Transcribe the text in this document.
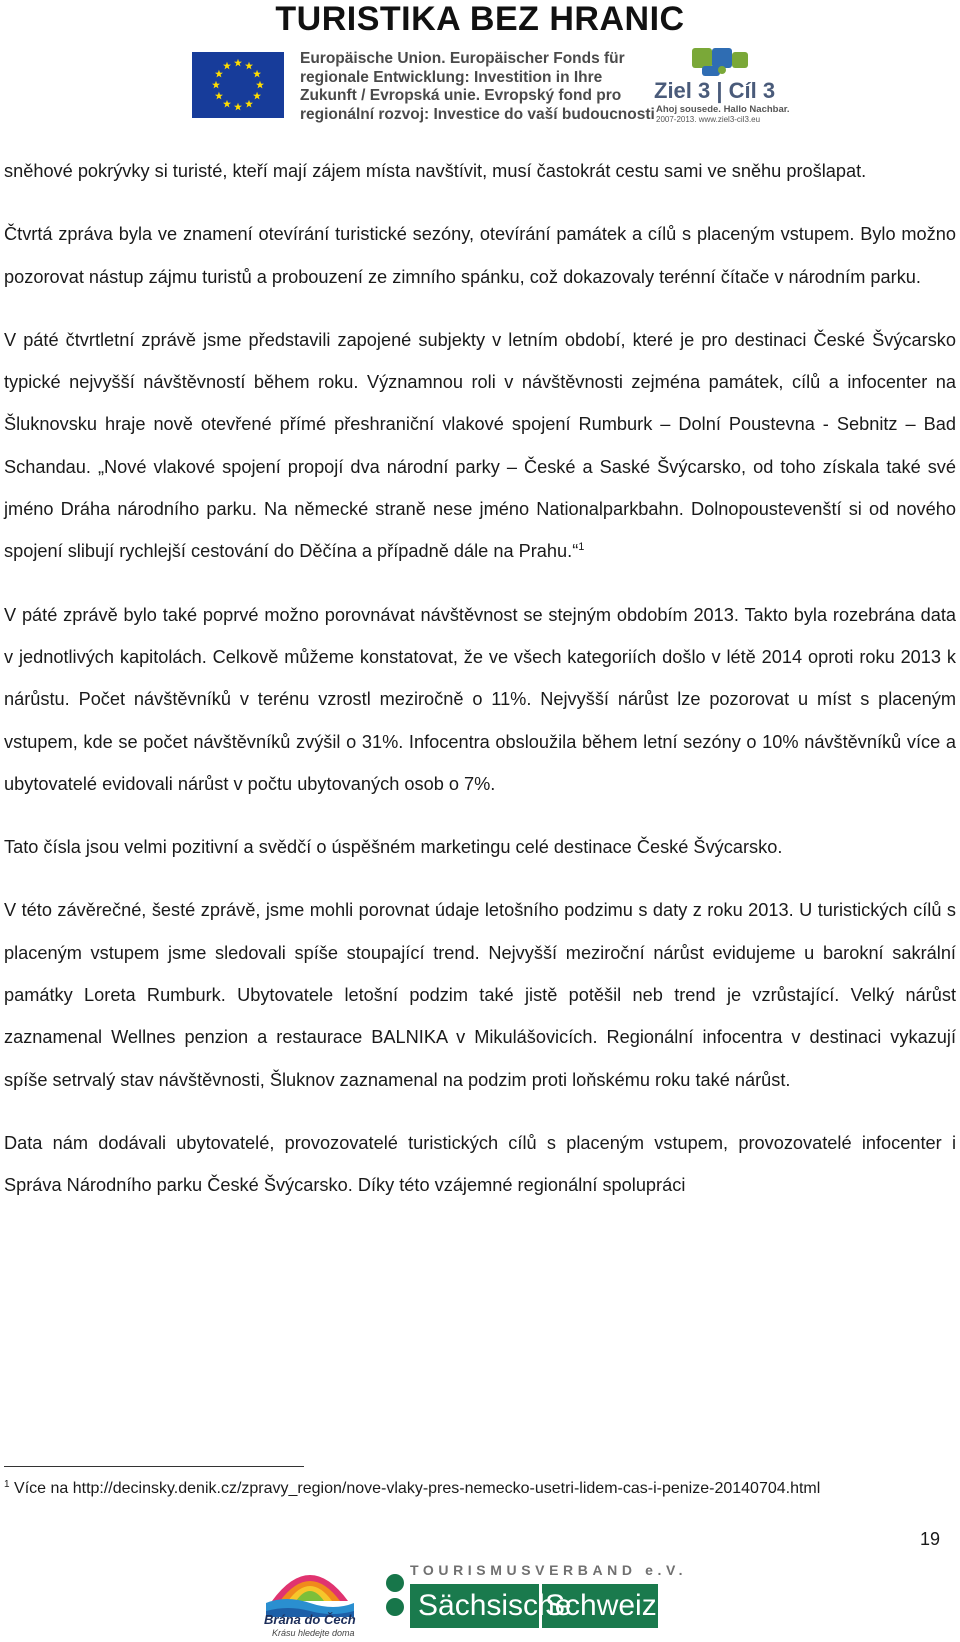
TURISTIKA BEZ HRANIC
Europäische Union. Europäischer Fonds für
regionale Entwicklung: Investition in Ihre
Zukunft / Evropská unie. Evropský fond pro
regionální rozvoj: Investice do vaší budoucnosti
Ziel 3 | Cíl 3
Ahoj sousede. Hallo Nachbar.
2007-2013. www.ziel3-cil3.eu

sněhové pokrývky si turisté, kteří mají zájem místa navštívit, musí častokrát cestu sami ve sněhu prošlapat.

Čtvrtá zpráva byla ve znamení otevírání turistické sezóny, otevírání památek a cílů s placeným vstupem. Bylo možno pozorovat nástup zájmu turistů a probouzení ze zimního spánku, což dokazovaly terénní čítače v národním parku.

V páté čtvrtletní zprávě jsme představili zapojené subjekty v letním období, které je pro destinaci České Švýcarsko typické nejvyšší návštěvností během roku. Významnou roli v návštěvnosti zejména památek, cílů a infocenter na Šluknovsku hraje nově otevřené přímé přeshraniční vlakové spojení Rumburk – Dolní Poustevna - Sebnitz – Bad Schandau. „Nové vlakové spojení propojí dva národní parky – České a Saské Švýcarsko, od toho získala také své jméno Dráha národního parku. Na německé straně nese jméno Nationalparkbahn. Dolnopoustevenští si od nového spojení slibují rychlejší cestování do Děčína a případně dále na Prahu.“$^1$

V páté zprávě bylo také poprvé možno porovnávat návštěvnost se stejným obdobím 2013. Takto byla rozebrána data v jednotlivých kapitolách. Celkově můžeme konstatovat, že ve všech kategoriích došlo v létě 2014 oproti roku 2013 k nárůstu. Počet návštěvníků v terénu vzrostl meziročně o 11%. Nejvyšší nárůst lze pozorovat u míst s placeným vstupem, kde se počet návštěvníků zvýšil o 31%. Infocentra obsloužila během letní sezóny o 10% návštěvníků více a ubytovatelé evidovali nárůst v počtu ubytovaných osob o 7%.

Tato čísla jsou velmi pozitivní a svědčí o úspěšném marketingu celé destinace České Švýcarsko.

V této závěrečné, šesté zprávě, jsme mohli porovnat údaje letošního podzimu s daty z roku 2013. U turistických cílů s placeným vstupem jsme sledovali spíše stoupající trend. Nejvyšší meziroční nárůst evidujeme u barokní sakrální památky Loreta Rumburk. Ubytovatele letošní podzim také jistě potěšil neb trend je vzrůstající. Velký nárůst zaznamenal Wellnes penzion a restaurace BALNIKA v Mikulášovicích. Regionální infocentra v destinaci vykazují spíše setrvalý stav návštěvnosti, Šluknov zaznamenal na podzim proti loňskému roku také nárůst.

Data nám dodávali ubytovatelé, provozovatelé turistických cílů s placeným vstupem, provozovatelé infocenter i Správa Národního parku České Švýcarsko. Díky této vzájemné regionální spolupráci

$^1$ Více na http://decinsky.denik.cz/zpravy_region/nove-vlaky-pres-nemecko-usetri-lidem-cas-i-penize-20140704.html
19
Brána do Čech
Krásu hledejte doma
TOURISMUSVERBAND e.V.
Sächsische
Schweiz
